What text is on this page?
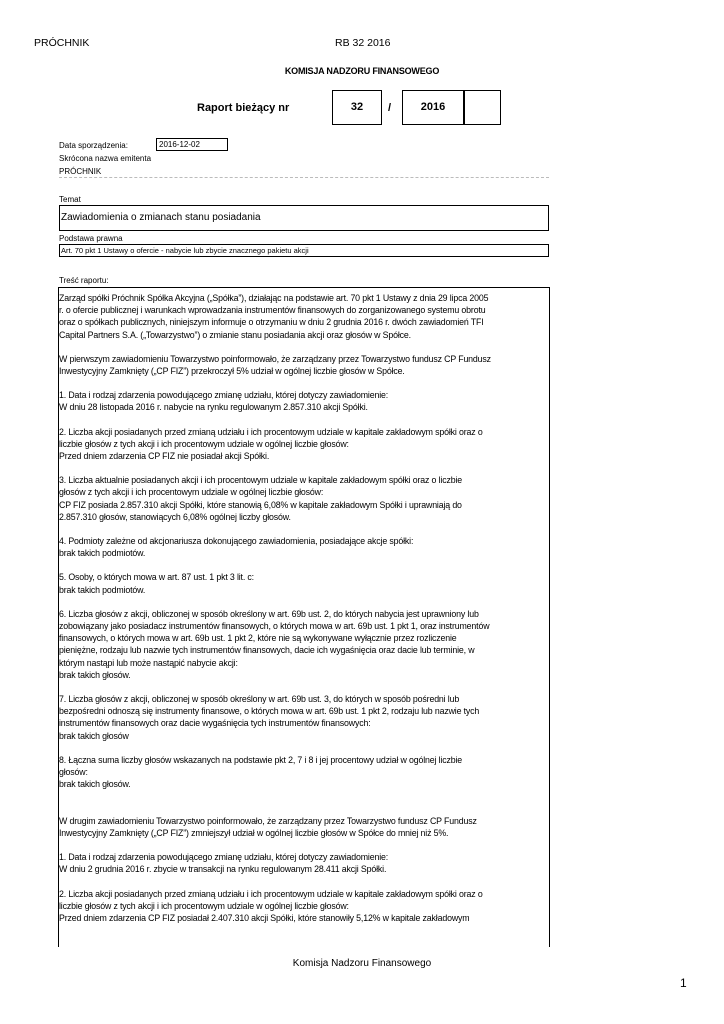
PRÓCHNIK	RB 32 2016
KOMISJA NADZORU FINANSOWEGO
Raport bieżący nr	32	/	2016
Data sporządzenia:	2016-12-02
Skrócona nazwa emitenta
PRÓCHNIK
Temat
Zawiadomienia o zmianach stanu posiadania
Podstawa prawna
Art. 70 pkt 1 Ustawy o ofercie - nabycie lub zbycie znacznego pakietu akcji
Treść raportu:

Zarząd spółki Próchnik Spółka Akcyjna („Spółka”), działając na podstawie art. 70 pkt 1 Ustawy z dnia 29 lipca 2005
r. o ofercie publicznej i warunkach wprowadzania instrumentów finansowych do zorganizowanego systemu obrotu
oraz o spółkach publicznych, niniejszym informuje o otrzymaniu w dniu 2 grudnia 2016 r. dwóch zawiadomień TFI
Capital Partners S.A. („Towarzystwo”) o zmianie stanu posiadania akcji oraz głosów w Spółce.

W pierwszym zawiadomieniu Towarzystwo poinformowało, że zarządzany przez Towarzystwo fundusz CP Fundusz
Inwestycyjny Zamknięty („CP FIZ”) przekroczył 5% udział w ogólnej liczbie głosów w Spółce.

1. Data i rodzaj zdarzenia powodującego zmianę udziału, której dotyczy zawiadomienie:
W dniu 28 listopada 2016 r. nabycie na rynku regulowanym 2.857.310 akcji Spółki.

2. Liczba akcji posiadanych przed zmianą udziału i ich procentowym udziale w kapitale zakładowym spółki oraz o
liczbie głosów z tych akcji i ich procentowym udziale w ogólnej liczbie głosów:
Przed dniem zdarzenia CP FIZ nie posiadał akcji Spółki.

3. Liczba aktualnie posiadanych akcji i ich procentowym udziale w kapitale zakładowym spółki oraz o liczbie
głosów z tych akcji i ich procentowym udziale w ogólnej liczbie głosów:
CP FIZ posiada 2.857.310 akcji Spółki, które stanowią 6,08% w kapitale zakładowym Spółki i uprawniają do
2.857.310 głosów, stanowiących 6,08% ogólnej liczby głosów.

4. Podmioty zależne od akcjonariusza dokonującego zawiadomienia, posiadające akcje spółki:
brak takich podmiotów.

5. Osoby, o których mowa w art. 87 ust. 1 pkt 3 lit. c:
brak takich podmiotów.

6. Liczba głosów z akcji, obliczonej w sposób określony w art. 69b ust. 2, do których nabycia jest uprawniony lub
zobowiązany jako posiadacz instrumentów finansowych, o których mowa w art. 69b ust. 1 pkt 1, oraz instrumentów
finansowych, o których mowa w art. 69b ust. 1 pkt 2, które nie są wykonywane wyłącznie przez rozliczenie
pieniężne, rodzaju lub nazwie tych instrumentów finansowych, dacie ich wygaśnięcia oraz dacie lub terminie, w
którym nastąpi lub może nastąpić nabycie akcji:
brak takich głosów.

7. Liczba głosów z akcji, obliczonej w sposób określony w art. 69b ust. 3, do których w sposób pośredni lub
bezpośredni odnoszą się instrumenty finansowe, o których mowa w art. 69b ust. 1 pkt 2, rodzaju lub nazwie tych
instrumentów finansowych oraz dacie wygaśnięcia tych instrumentów finansowych:
brak takich głosów

8. Łączna suma liczby głosów wskazanych na podstawie pkt 2, 7 i 8 i jej procentowy udział w ogólnej liczbie
głosów:
brak takich głosów.

W drugim zawiadomieniu Towarzystwo poinformowało, że zarządzany przez Towarzystwo fundusz CP Fundusz
Inwestycyjny Zamknięty („CP FIZ”) zmniejszył udział w ogólnej liczbie głosów w Spółce do mniej niż 5%.

1. Data i rodzaj zdarzenia powodującego zmianę udziału, której dotyczy zawiadomienie:
W dniu 2 grudnia 2016 r. zbycie w transakcji na rynku regulowanym 28.411 akcji Spółki.

2. Liczba akcji posiadanych przed zmianą udziału i ich procentowym udziale w kapitale zakładowym spółki oraz o
liczbie głosów z tych akcji i ich procentowym udziale w ogólnej liczbie głosów:
Przed dniem zdarzenia CP FIZ posiadał 2.407.310 akcji Spółki, które stanowiły 5,12% w kapitale zakładowym

Komisja Nadzoru Finansowego
1
